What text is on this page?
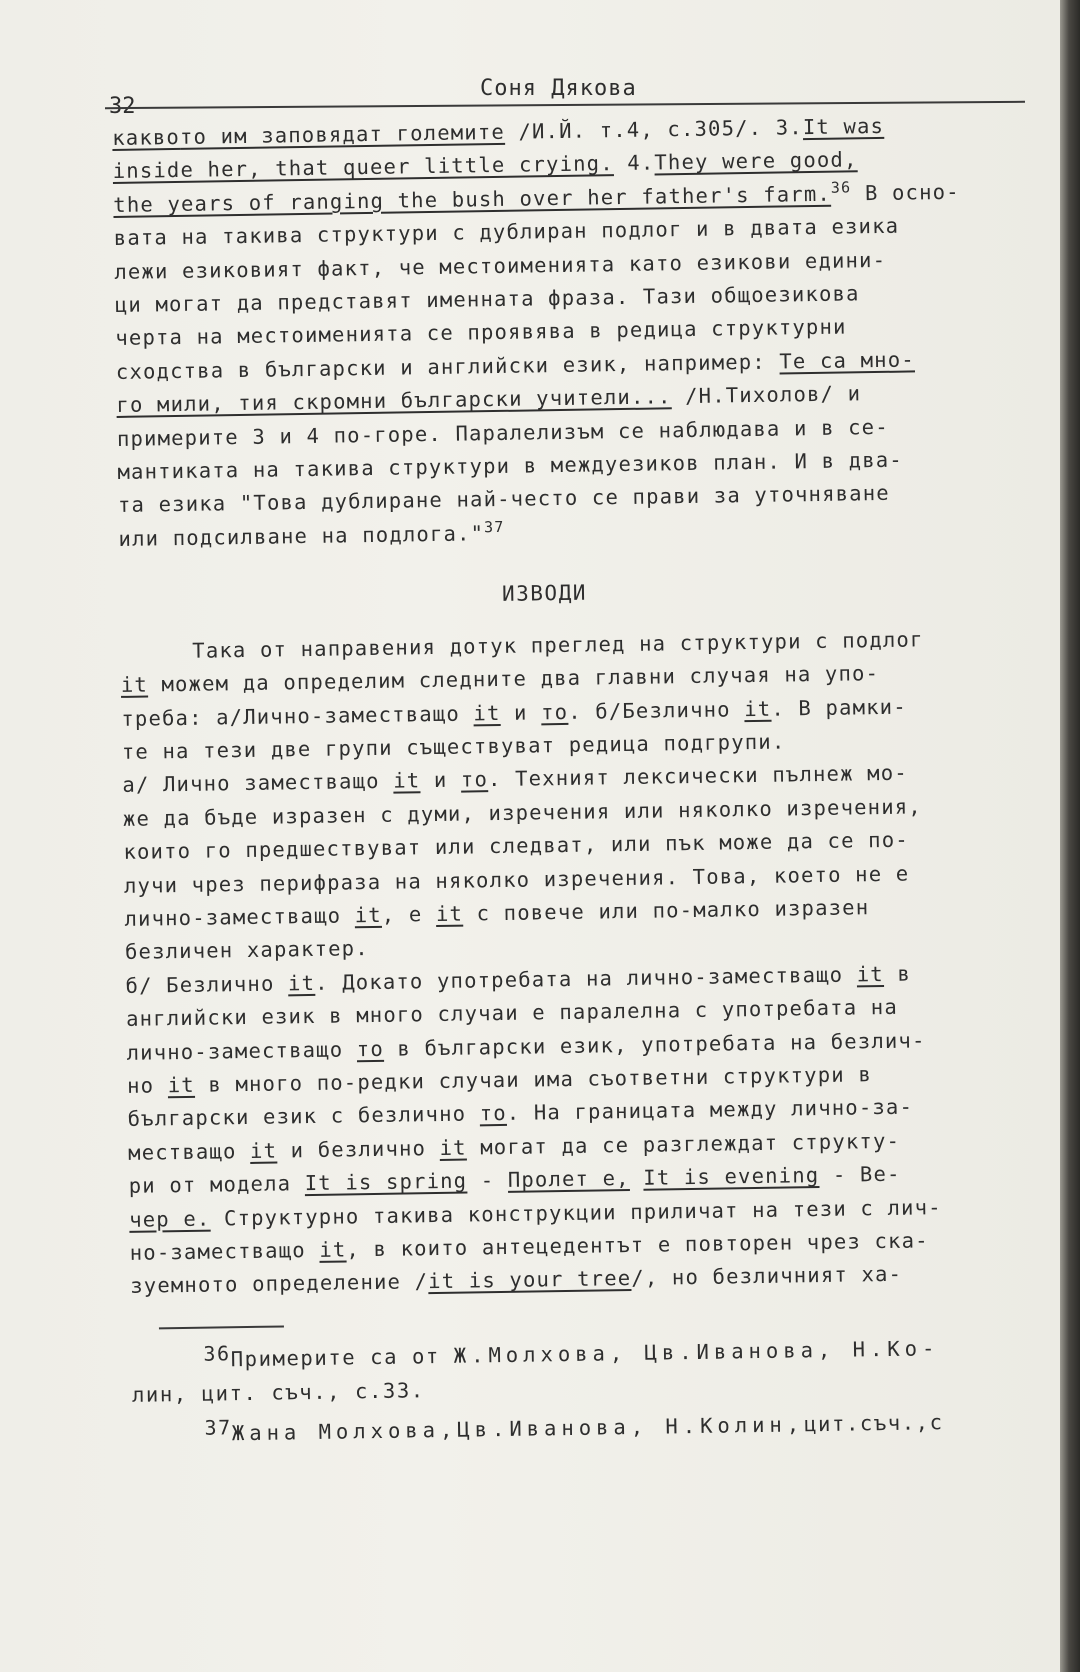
32
Соня Дякова
каквото им заповядат големите /И.Й. т.4, с.305/. 3.It was
inside her, that queer little crying. 4.They were good,
the years of ranging the bush over her father's farm.$^{36}$ В осно-
вата на такива структури с дублиран подлог и в двата езика
лежи езиковият факт, че местоименията като езикови едини-
ци могат да представят именната фраза. Тази общоезикова
черта на местоименията се проявява в редица структурни
сходства в български и английски език, например: Те са мно-
го мили, тия скромни български учители... /Н.Тихолов/ и
примерите 3 и 4 по-горе. Паралелизъм се наблюдава и в се-
мантиката на такива структури в междуезиков план. И в два-
та езика "Това дублиране най-често се прави за уточняване
или подсилване на подлога."$^{37}$
ИЗВОДИ
Така от направения дотук преглед на структури с подлог
it можем да определим следните два главни случая на упо-
треба: а/Лично-заместващо it и то. б/Безлично it. В рамки-
те на тези две групи съществуват редица подгрупи.
а/ Лично заместващо it и то. Техният лексически пълнеж мо-
же да бъде изразен с думи, изречения или няколко изречения,
които го предшествуват или следват, или пък може да се по-
лучи чрез перифраза на няколко изречения. Това, което не е
лично-заместващо it, е it с повече или по-малко изразен
безличен характер.
б/ Безлично it. Докато употребата на лично-заместващо it в
английски език в много случаи е паралелна с употребата на
лично-заместващо то в български език, употребата на безлич-
но it в много по-редки случаи има съответни структури в
български език с безлично то. На границата между лично-за-
местващо it и безлично it могат да се разглеждат структу-
ри от модела It is spring - Пролет е, It is evening - Ве-
чер е. Структурно такива конструкции приличат на тези с лич-
но-заместващо it, в които антецедентът е повторен чрез ска-
зуемното определение /it is your tree/, но безличният ха-
36Примерите са от Ж.Молхова, Цв.Иванова, Н.Ко-
лин, цит. съч., с.33.
37Жана Молхова,Цв.Иванова, Н.Колин,цит.съч.,с
